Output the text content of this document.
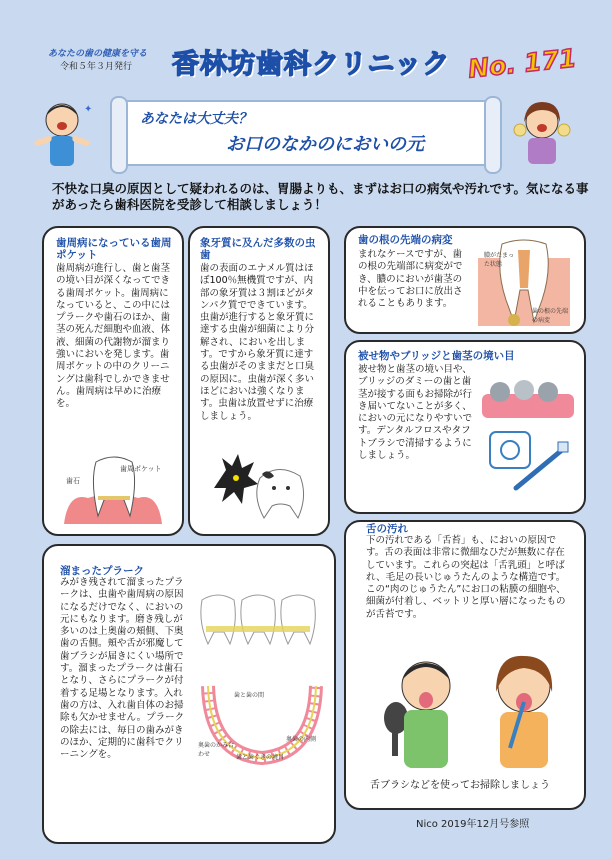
あなたの歯の健康を守る
令和５年３月発行 香林坊歯科クリニック No. 171
✦
あなたは大丈夫？
お口のなかのにおいの元
不快な口臭の原因として疑われるのは、胃腸よりも、まずはお口の病気や汚れです。気になる事があったら歯科医院を受診して相談しましょう！
歯周病になっている歯周ポケット
歯周病が進行し、歯と歯茎の境い目が深くなってできる歯周ポケット。歯周病になっていると、この中にはプラークや歯石のほか、歯茎の死んだ細胞や血液、体液、細菌の代謝物が溜まり強いにおいを発します。歯周ポケットの中のクリーニングは歯科でしかできません。歯周病は早めに治療を。
歯石
歯周ポケット
象牙質に及んだ多数の虫歯
歯の表面のエナメル質はほぼ100％無機質ですが、内部の象牙質は３割ほどがタンパク質でできています。虫歯が進行すると象牙質に達する虫歯が細菌により分解され、においを出します。ですから象牙質に達する虫歯がそのままだと口臭の原因に。虫歯が深く多いほどにおいは強くなります。虫歯は放置せずに治療しましょう。
歯の根の先端の病変
まれなケースですが、歯の根の先端部に病変ができ、膿のにおいが歯茎の中を伝ってお口に放出されることもあります。
膿がたまった状態
歯の根の先端の病変
被せ物やブリッジと歯茎の境い目
被せ物と歯茎の境い目や、ブリッジのダミーの歯と歯茎が接する面もお掃除が行き届いてないことが多く、においの元になりやすいです。デンタルフロスやタフトブラシで清掃するようにしましょう。
溜まったプラーク
みがき残されて溜まったプラークは、虫歯や歯周病の原因になるだけでなく、においの元にもなります。磨き残しが多いのは上奥歯の頬側、下奥歯の舌側。頬や舌が邪魔して歯ブラシが届きにくい場所です。溜まったプラークは歯石となり、さらにプラークが付着する足場となります。入れ歯の方は、入れ歯自体のお掃除も欠かせません。プラークの除去には、毎日の歯みがきのほか、定期的に歯科でクリーニングを。
歯と歯の間
奥歯の内側
歯と歯ぐきの境目
奥歯のかみ合わせ
舌の汚れ
下の汚れである「舌苔」も、においの原因です。舌の表面は非常に微細なひだが無数に存在しています。これらの突起は「舌乳頭」と呼ばれ、毛足の長いじゅうたんのような構造です。この“肉のじゅうたん”にお口の粘膜の細胞や、細菌が付着し、ベットリと厚い層になったものが舌苔です。
舌ブラシなどを使ってお掃除しましょう
Nico 2019年12月号参照
